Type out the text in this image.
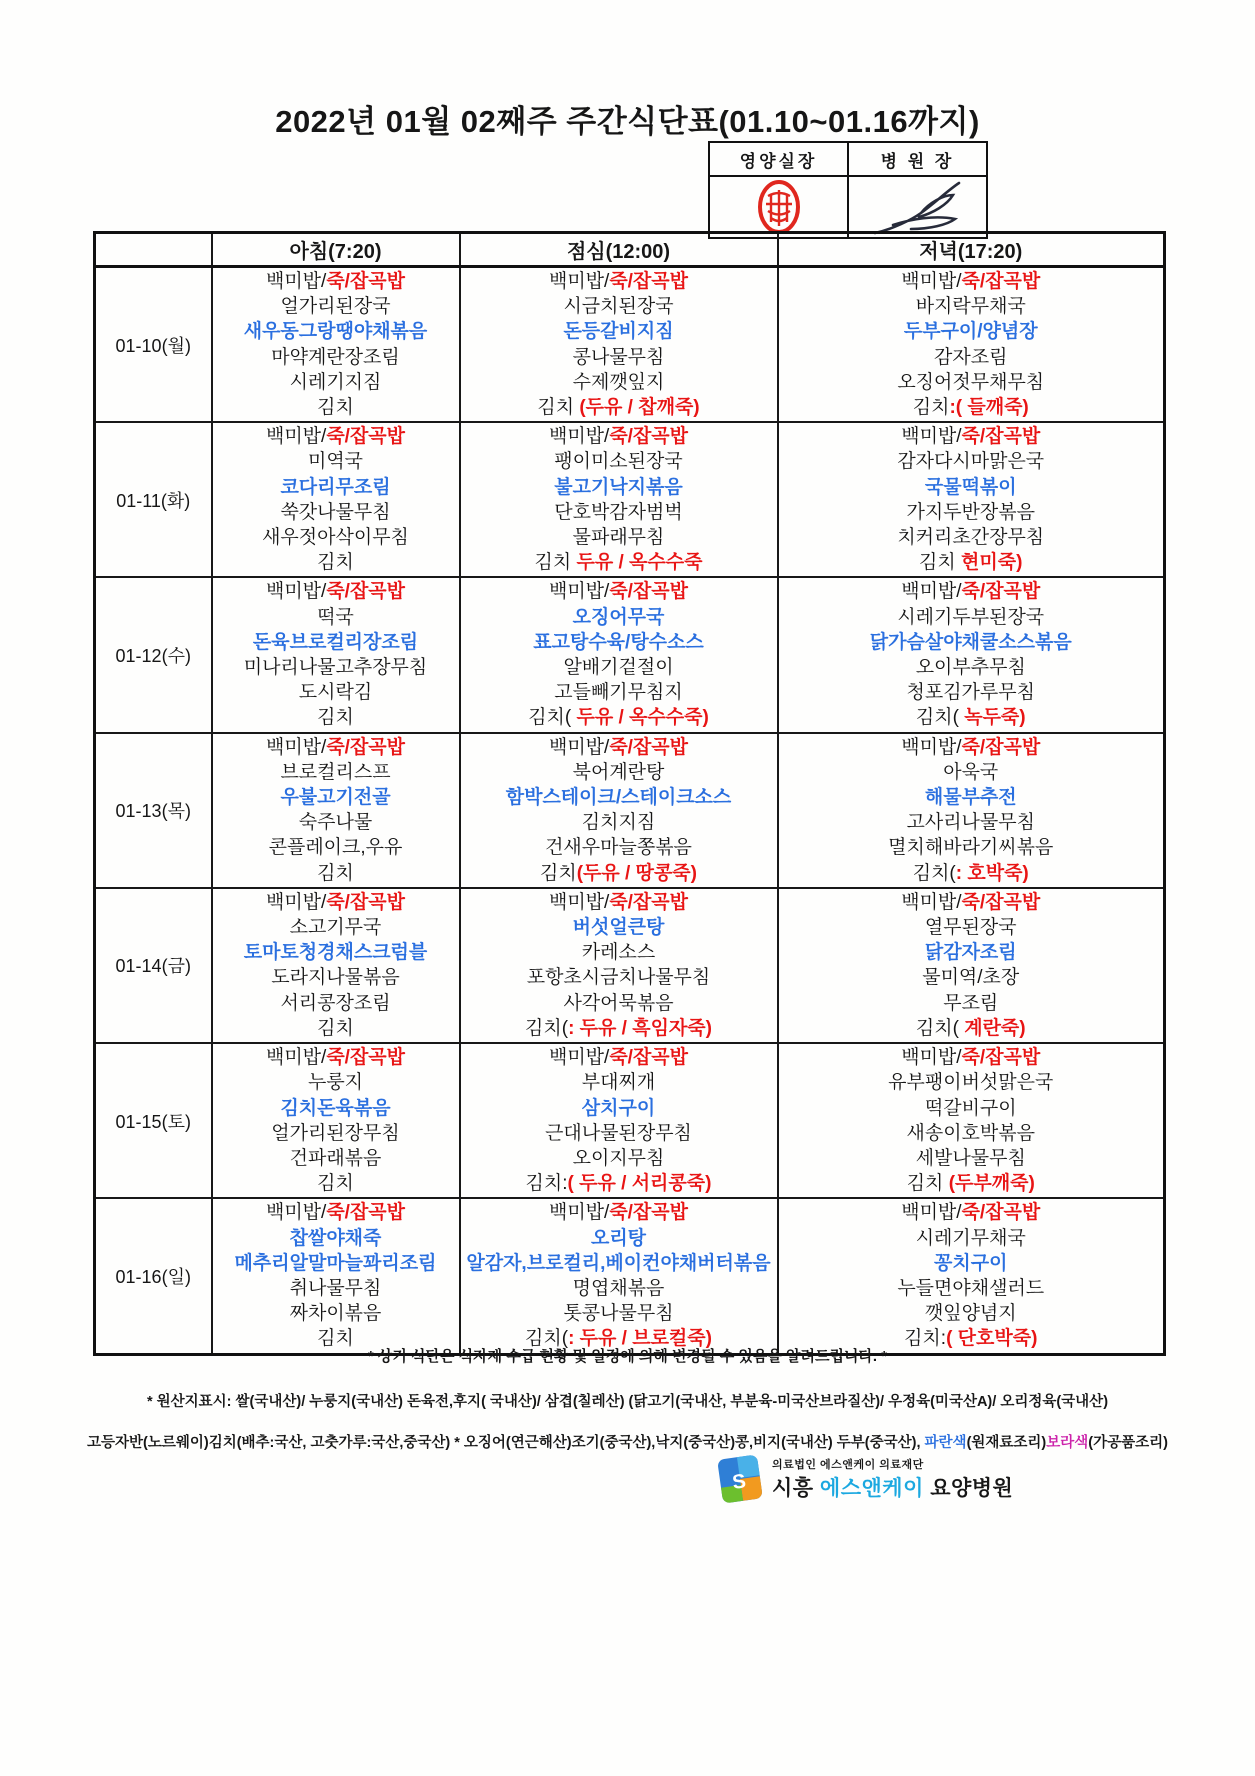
2022년 01월 02째주 주간식단표(01.10~01.16까지)
영양실장	병 원 장

	아침(7:20)	점심(12:00)	저녁(17:20)
01-10(월)	
백미밥/죽/잡곡밥
얼가리된장국
새우동그랑땡야채볶음
마약계란장조림
시레기지짐
김치

백미밥/죽/잡곡밥
시금치된장국
돈등갈비지짐
콩나물무침
수제깻잎지
김치 (두유 / 찹깨죽)

백미밥/죽/잡곡밥
바지락무채국
두부구이/양념장
감자조림
오징어젓무채무침
김치:( 들깨죽)

01-11(화)	
백미밥/죽/잡곡밥
미역국
코다리무조림
쑥갓나물무침
새우젓아삭이무침
김치

백미밥/죽/잡곡밥
팽이미소된장국
불고기낙지볶음
단호박감자범벅
물파래무침
김치 두유 / 옥수수죽

백미밥/죽/잡곡밥
감자다시마맑은국
국물떡볶이
가지두반장볶음
치커리초간장무침
김치 현미죽)

01-12(수)	
백미밥/죽/잡곡밥
떡국
돈육브로컬리장조림
미나리나물고추장무침
도시락김
김치

백미밥/죽/잡곡밥
오징어무국
표고탕수육/탕수소스
알배기겉절이
고들빼기무침지
김치( 두유 / 옥수수죽)

백미밥/죽/잡곡밥
시레기두부된장국
닭가슴살야채쿨소스볶음
오이부추무침
청포김가루무침
김치( 녹두죽)

01-13(목)	
백미밥/죽/잡곡밥
브로컬리스프
우불고기전골
숙주나물
콘플레이크,우유
김치

백미밥/죽/잡곡밥
북어계란탕
함박스테이크/스테이크소스
김치지짐
건새우마늘쫑볶음
김치(두유 / 땅콩죽)

백미밥/죽/잡곡밥
아욱국
해물부추전
고사리나물무침
멸치해바라기씨볶음
김치(: 호박죽)

01-14(금)	
백미밥/죽/잡곡밥
소고기무국
토마토청경채스크럼블
도라지나물볶음
서리콩장조림
김치

백미밥/죽/잡곡밥
버섯얼큰탕
카레소스
포항초시금치나물무침
사각어묵볶음
김치(: 두유 / 흑임자죽)

백미밥/죽/잡곡밥
열무된장국
닭감자조림
물미역/초장
무조림
김치( 계란죽)

01-15(토)	
백미밥/죽/잡곡밥
누룽지
김치돈육볶음
얼가리된장무침
건파래볶음
김치

백미밥/죽/잡곡밥
부대찌개
삼치구이
근대나물된장무침
오이지무침
김치:( 두유 / 서리콩죽)

백미밥/죽/잡곡밥
유부팽이버섯맑은국
떡갈비구이
새송이호박볶음
세발나물무침
김치 (두부깨죽)

01-16(일)	
백미밥/죽/잡곡밥
찹쌀야채죽
메추리알말마늘꽈리조림
취나물무침
짜차이볶음
김치

백미밥/죽/잡곡밥
오리탕
알감자,브로컬리,베이컨야채버터볶음
명엽채볶음
톳콩나물무침
김치(: 두유 / 브로컬죽)

백미밥/죽/잡곡밥
시레기무채국
꽁치구이
누들면야채샐러드
깻잎양념지
김치:( 단호박죽)
* 상기 식단은 식자재 수급 현황 및 일정에 의해 변경될 수 있음을 알려드립니다. *
* 원산지표시: 쌀(국내산)/ 누룽지(국내산) 돈육전,후지( 국내산)/ 삼겹(칠레산) (닭고기(국내산, 부분육-미국산브라질산)/ 우정육(미국산A)/ 오리정육(국내산)
고등자반(노르웨이)김치(배추:국산, 고춧가루:국산,중국산) * 오징어(연근해산)조기(중국산),낙지(중국산)콩,비지(국내산) 두부(중국산), 파란색(원재료조리)보라색(가공품조리)
S
의료법인 에스앤케이 의료재단
시흥 에스앤케이 요양병원
